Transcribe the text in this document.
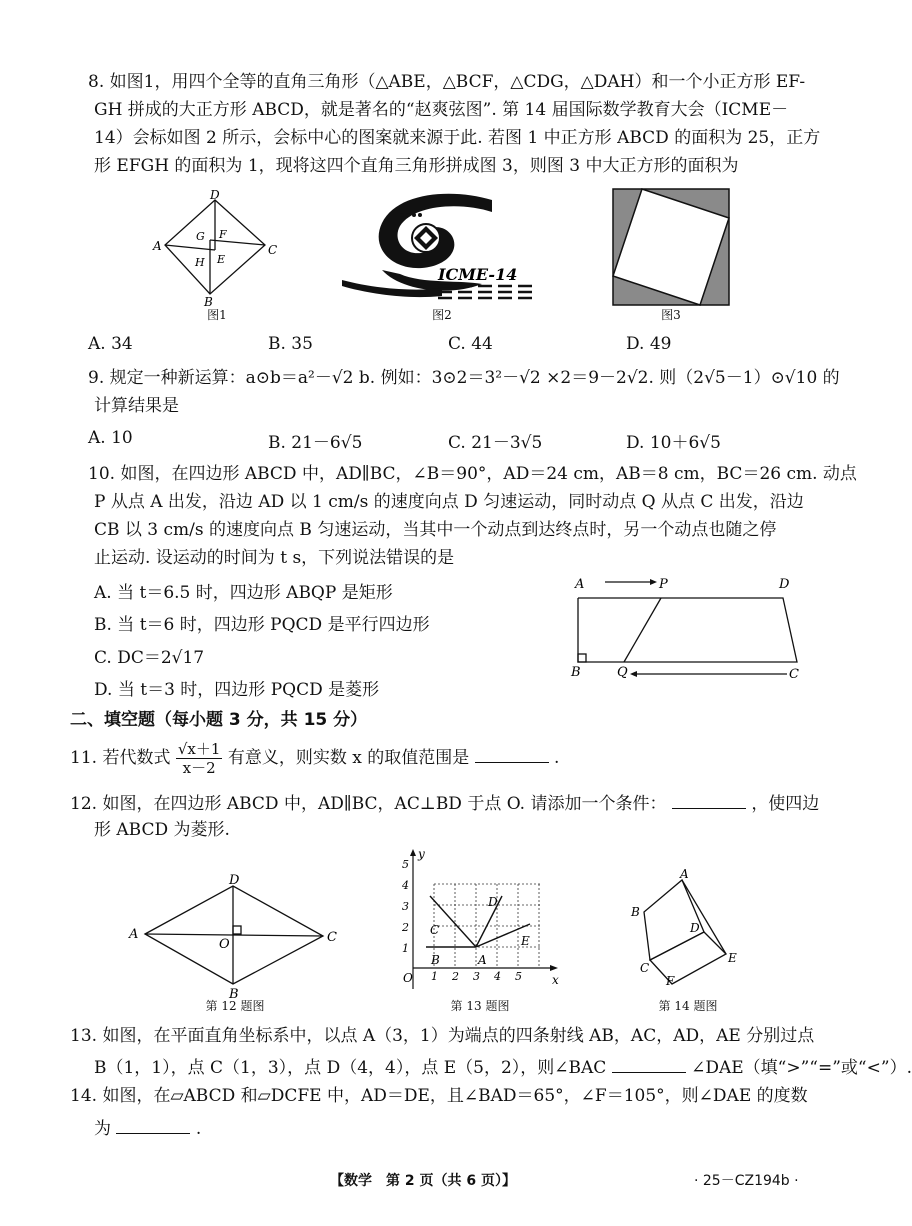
8. 如图1，用四个全等的直角三角形（△ABE，△BCF，△CDG，△DAH）和一个小正方形 EF-
GH 拼成的大正方形 ABCD，就是著名的“赵爽弦图”. 第 14 届国际数学教育大会（ICME－
14）会标如图 2 所示，会标中心的图案就来源于此. 若图 1 中正方形 ABCD 的面积为 25，正方
形 EFGH 的面积为 1，现将这四个直角三角形拼成图 3，则图 3 中大正方形的面积为
D
A	C
B
G F
H E
图1
ICME-14
图2	图3
A. 34	B. 35	C. 44	D. 49
9. 规定一种新运算：a⊙b＝a²－√2 b. 例如：3⊙2＝3²－√2 ×2＝9－2√2. 则（2√5－1）⊙√10 的
计算结果是
A. 10	B. 21－6√5	C. 21－3√5	D. 10＋6√5
10. 如图，在四边形 ABCD 中，AD∥BC，∠B＝90°，AD＝24 cm，AB＝8 cm，BC＝26 cm. 动点
P 从点 A 出发，沿边 AD 以 1 cm/s 的速度向点 D 匀速运动，同时动点 Q 从点 C 出发，沿边
CB 以 3 cm/s 的速度向点 B 匀速运动，当其中一个动点到达终点时，另一个动点也随之停
止运动. 设运动的时间为 t s，下列说法错误的是
A. 当 t＝6.5 时，四边形 ABQP 是矩形
B. 当 t＝6 时，四边形 PQCD 是平行四边形
C. DC＝2√17
D. 当 t＝3 时，四边形 PQCD 是菱形
A	P	D
B	Q	C
二、填空题（每小题 3 分，共 15 分）
11. 若代数式 $\frac{√x+1}{x-2}$ 有意义，则实数 x 的取值范围是	.
12. 如图，在四边形 ABCD 中，AD∥BC，AC⊥BD 于点 O. 请添加一个条件：	，使四边
形 ABCD 为菱形.
D
A	C
O
B
第 12 题图
y
x
O 1 2 3 4 5
1
2
3
4
5
A
B
C
D
E
第 13 题图
A
B
C
D
E
F
第 14 题图
13. 如图，在平面直角坐标系中，以点 A（3，1）为端点的四条射线 AB，AC，AD，AE 分别过点
B（1，1），点 C（1，3），点 D（4，4），点 E（5，2），则∠BAC	∠DAE（填“>”“=”或“<”）.
14. 如图，在▱ABCD 和▱DCFE 中，AD＝DE，且∠BAD＝65°，∠F＝105°，则∠DAE 的度数
为	.
【数学　第 2 页（共 6 页）】	· 25－CZ194b ·
